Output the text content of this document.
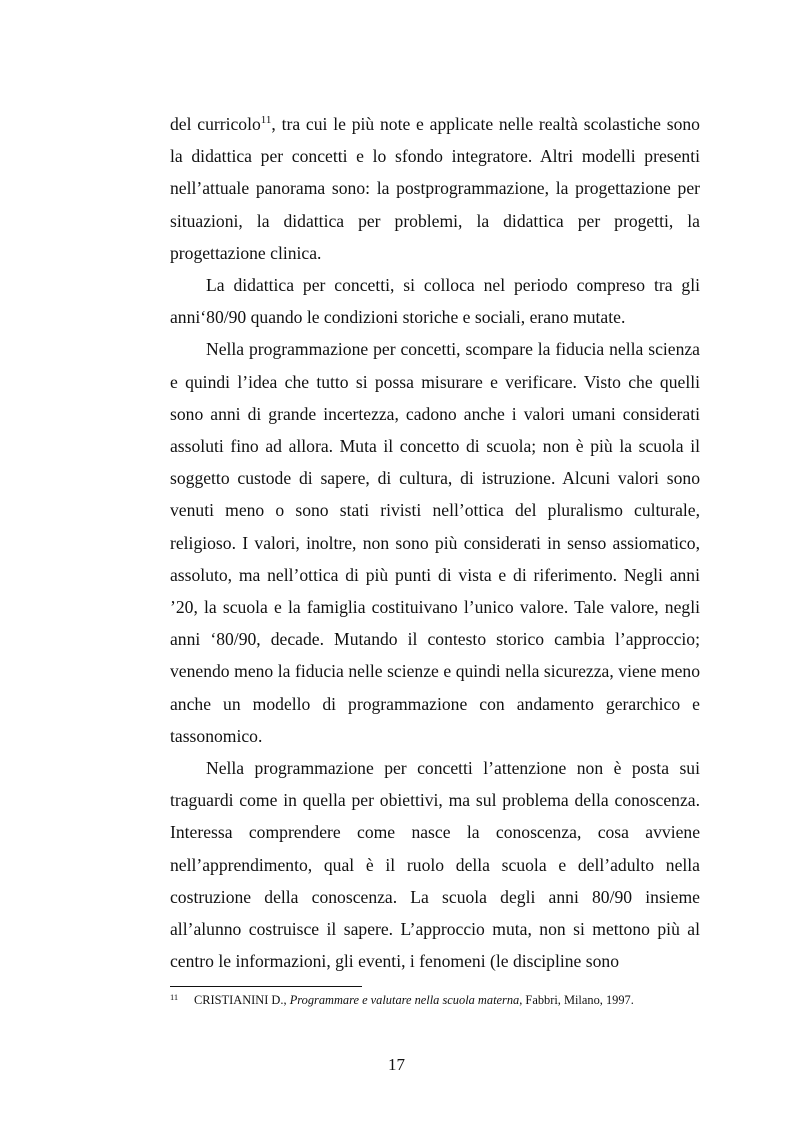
del curricolo$^{11}$, tra cui le più note e applicate nelle realtà scolastiche sono la didattica per concetti e lo sfondo integratore. Altri modelli presenti nell’attuale panorama sono: la postprogrammazione, la progettazione per situazioni, la didattica per problemi, la didattica per progetti, la progettazione clinica.

La didattica per concetti, si colloca nel periodo compreso tra gli anni‘80/90 quando le condizioni storiche e sociali, erano mutate.

Nella programmazione per concetti, scompare la fiducia nella scienza e quindi l’idea che tutto si possa misurare e verificare. Visto che quelli sono anni di grande incertezza, cadono anche i valori umani considerati assoluti fino ad allora. Muta il concetto di scuola; non è più la scuola il soggetto custode di sapere, di cultura, di istruzione. Alcuni valori sono venuti meno o sono stati rivisti nell’ottica del pluralismo culturale, religioso. I valori, inoltre, non sono più considerati in senso assiomatico, assoluto, ma nell’ottica di più punti di vista e di riferimento. Negli anni ’20, la scuola e la famiglia costituivano l’unico valore. Tale valore, negli anni ‘80/90, decade. Mutando il contesto storico cambia l’approccio; venendo meno la fiducia nelle scienze e quindi nella sicurezza, viene meno anche un modello di programmazione con andamento gerarchico e tassonomico.

Nella programmazione per concetti l’attenzione non è posta sui traguardi come in quella per obiettivi, ma sul problema della conoscenza. Interessa comprendere come nasce la conoscenza, cosa avviene nell’apprendimento, qual è il ruolo della scuola e dell’adulto nella costruzione della conoscenza. La scuola degli anni 80/90 insieme all’alunno costruisce il sapere. L’approccio muta, non si mettono più al centro le informazioni, gli eventi, i fenomeni (le discipline sono

11 CRISTIANINI D., Programmare e valutare nella scuola materna, Fabbri, Milano, 1997.
17
